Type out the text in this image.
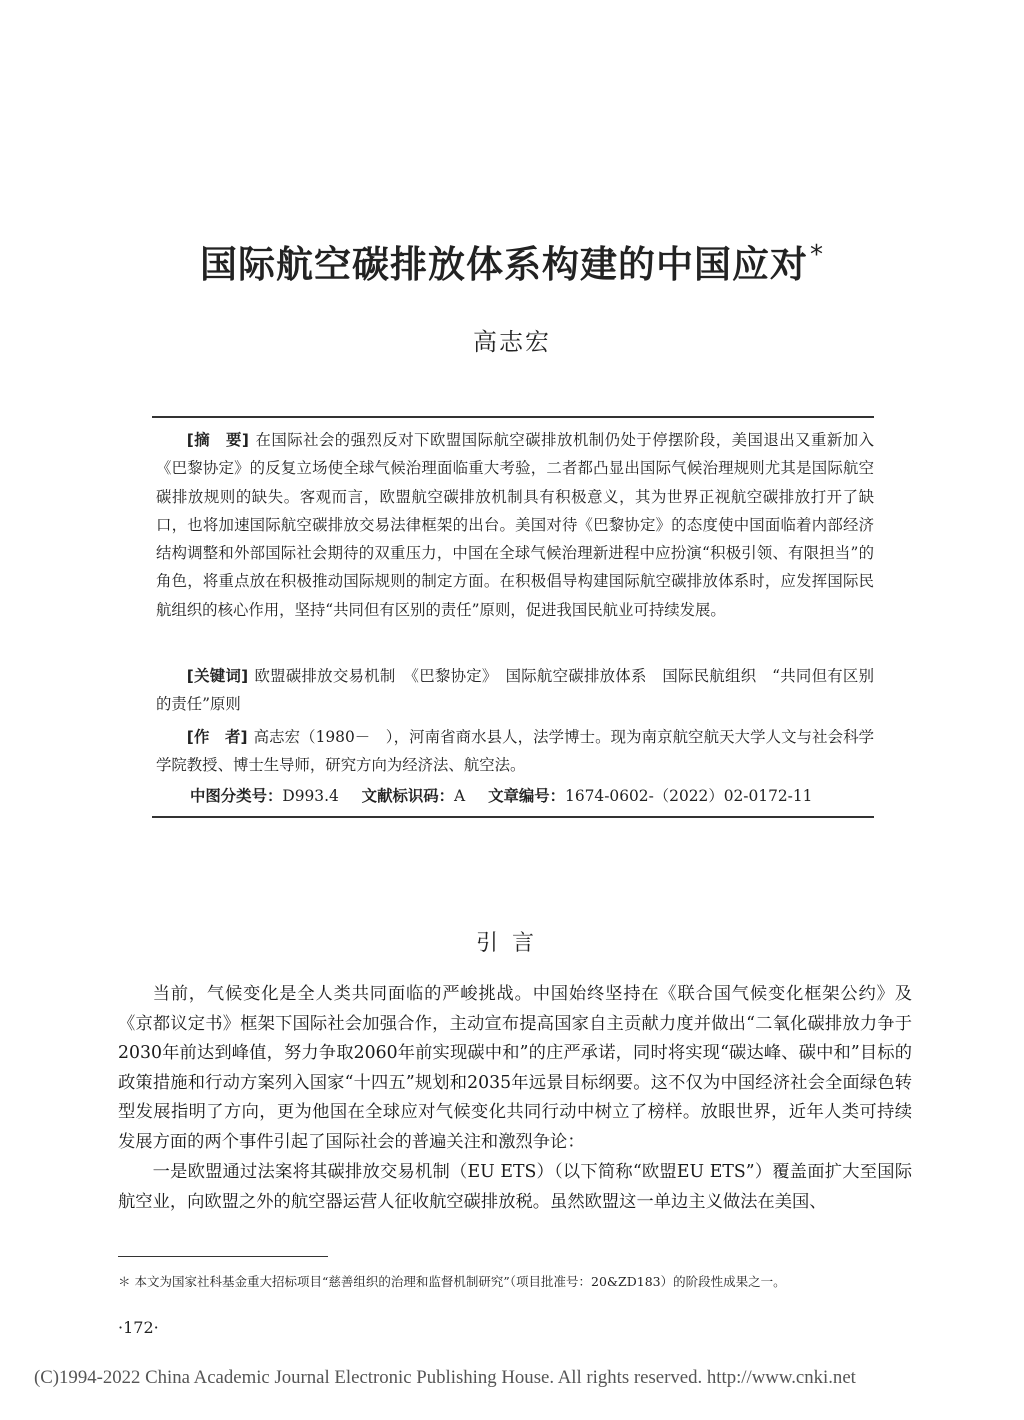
国际航空碳排放体系构建的中国应对*
高志宏

[摘　要] 在国际社会的强烈反对下欧盟国际航空碳排放机制仍处于停摆阶段，美国退出又重新加入《巴黎协定》的反复立场使全球气候治理面临重大考验，二者都凸显出国际气候治理规则尤其是国际航空碳排放规则的缺失。客观而言，欧盟航空碳排放机制具有积极意义，其为世界正视航空碳排放打开了缺口，也将加速国际航空碳排放交易法律框架的出台。美国对待《巴黎协定》的态度使中国面临着内部经济结构调整和外部国际社会期待的双重压力，中国在全球气候治理新进程中应扮演“积极引领、有限担当”的角色，将重点放在积极推动国际规则的制定方面。在积极倡导构建国际航空碳排放体系时，应发挥国际民航组织的核心作用，坚持“共同但有区别的责任”原则，促进我国民航业可持续发展。

[关键词] 欧盟碳排放交易机制　《巴黎协定》　国际航空碳排放体系　国际民航组织　“共同但有区别的责任”原则

[作　者] 高志宏（1980－　），河南省商水县人，法学博士。现为南京航空航天大学人文与社会科学学院教授、博士生导师，研究方向为经济法、航空法。

中图分类号：D993.4 文献标识码：A 文章编号：1674-0602-（2022）02-0172-11
引言

当前，气候变化是全人类共同面临的严峻挑战。中国始终坚持在《联合国气候变化框架公约》及《京都议定书》框架下国际社会加强合作，主动宣布提高国家自主贡献力度并做出“二氧化碳排放力争于2030年前达到峰值，努力争取2060年前实现碳中和”的庄严承诺，同时将实现“碳达峰、碳中和”目标的政策措施和行动方案列入国家“十四五”规划和2035年远景目标纲要。这不仅为中国经济社会全面绿色转型发展指明了方向，更为他国在全球应对气候变化共同行动中树立了榜样。放眼世界，近年人类可持续发展方面的两个事件引起了国际社会的普遍关注和激烈争论：

一是欧盟通过法案将其碳排放交易机制（EU ETS）（以下简称“欧盟EU ETS”）覆盖面扩大至国际航空业，向欧盟之外的航空器运营人征收航空碳排放税。虽然欧盟这一单边主义做法在美国、

＊ 本文为国家社科基金重大招标项目“慈善组织的治理和监督机制研究”（项目批准号：20&ZD183）的阶段性成果之一。
·172·
(C)1994-2022 China Academic Journal Electronic Publishing House. All rights reserved. http://www.cnki.net
